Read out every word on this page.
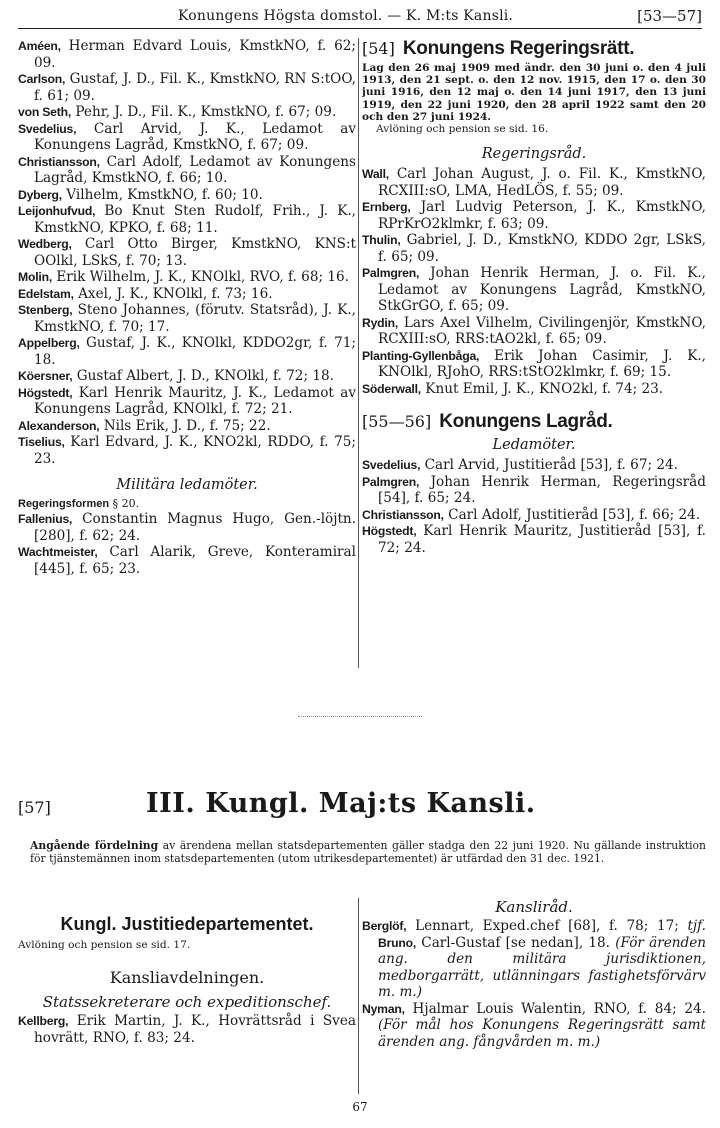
Konungens Högsta domstol. — K. M:ts Kansli.	[53—57]

Améen, Herman Edvard Louis, KmstkNO, f. 62; 09.

Carlson, Gustaf, J. D., Fil. K., KmstkNO, RN S:tOO, f. 61; 09.

von Seth, Pehr, J. D., Fil. K., KmstkNO, f. 67; 09.

Svedelius, Carl Arvid, J. K., Ledamot av Konungens Lagråd, KmstkNO, f. 67; 09.

Christiansson, Carl Adolf, Ledamot av Konungens Lagråd, KmstkNO, f. 66; 10.

Dyberg, Vilhelm, KmstkNO, f. 60; 10.

Leijonhufvud, Bo Knut Sten Rudolf, Frih., J. K., KmstkNO, KPKO, f. 68; 11.

Wedberg, Carl Otto Birger, KmstkNO, KNS:t OOlkl, LSkS, f. 70; 13.

Molin, Erik Wilhelm, J. K., KNOlkl, RVO, f. 68; 16.

Edelstam, Axel, J. K., KNOlkl, f. 73; 16.

Stenberg, Steno Johannes, (förutv. Statsråd), J. K., KmstkNO, f. 70; 17.

Appelberg, Gustaf, J. K., KNOlkl, KDDO2gr, f. 71; 18.

Köersner, Gustaf Albert, J. D., KNOlkl, f. 72; 18.

Högstedt, Karl Henrik Mauritz, J. K., Ledamot av Konungens Lagråd, KNOlkl, f. 72; 21.

Alexanderson, Nils Erik, J. D., f. 75; 22.

Tiselius, Karl Edvard, J. K., KNO2kl, RDDO, f. 75; 23.

Militära ledamöter.

Regeringsformen § 20.

Fallenius, Constantin Magnus Hugo, Gen.-löjtn. [280], f. 62; 24.

Wachtmeister, Carl Alarik, Greve, Konteramiral [445], f. 65; 23.

[54] Konungens Regeringsrätt.

Lag den 26 maj 1909 med ändr. den 30 juni o. den 4 juli 1913, den 21 sept. o. den 12 nov. 1915, den 17 o. den 30 juni 1916, den 12 maj o. den 14 juni 1917, den 13 juni 1919, den 22 juni 1920, den 28 april 1922 samt den 20 och den 27 juni 1924.

Avlöning och pension se sid. 16.

Regeringsråd.

Wall, Carl Johan August, J. o. Fil. K., KmstkNO, RCXIII:sO, LMA, HedLÖS, f. 55; 09.

Ernberg, Jarl Ludvig Peterson, J. K., KmstkNO, RPrKrO2klmkr, f. 63; 09.

Thulin, Gabriel, J. D., KmstkNO, KDDO 2gr, LSkS, f. 65; 09.

Palmgren, Johan Henrik Herman, J. o. Fil. K., Ledamot av Konungens Lagråd, KmstkNO, StkGrGO, f. 65; 09.

Rydin, Lars Axel Vilhelm, Civilingenjör, KmstkNO, RCXIII:sO, RRS:tAO2kl, f. 65; 09.

Planting-Gyllenbåga, Erik Johan Casimir, J. K., KNOlkl, RJohO, RRS:tStO2klmkr, f. 69; 15.

Söderwall, Knut Emil, J. K., KNO2kl, f. 74; 23.

[55—56] Konungens Lagråd.

Ledamöter.

Svedelius, Carl Arvid, Justitieråd [53], f. 67; 24.

Palmgren, Johan Henrik Herman, Regeringsråd [54], f. 65; 24.

Christiansson, Carl Adolf, Justitieråd [53], f. 66; 24.

Högstedt, Karl Henrik Mauritz, Justitieråd [53], f. 72; 24.

[57]	III. Kungl. Maj:ts Kansli.

Angående fördelning av ärendena mellan statsdepartementen gäller stadga den 22 juni 1920. Nu gällande instruktion för tjänstemännen inom statsdepartementen (utom utrikesdepartementet) är utfärdad den 31 dec. 1921.

Kungl. Justitiedepartementet.

Avlöning och pension se sid. 17.

Kansliavdelningen.

Statssekreterare och expeditionschef.

Kellberg, Erik Martin, J. K., Hovrättsråd i Svea hovrätt, RNO, f. 83; 24.

Kansliråd.

Berglöf, Lennart, Exped.chef [68], f. 78; 17; tjf. Bruno, Carl-Gustaf [se nedan], 18. (För ärenden ang. den militära jurisdiktionen, medborgarrätt, utlänningars fastighetsförvärv m. m.)

Nyman, Hjalmar Louis Walentin, RNO, f. 84; 24. (För mål hos Konungens Regeringsrätt samt ärenden ang. fångvården m. m.)

67
